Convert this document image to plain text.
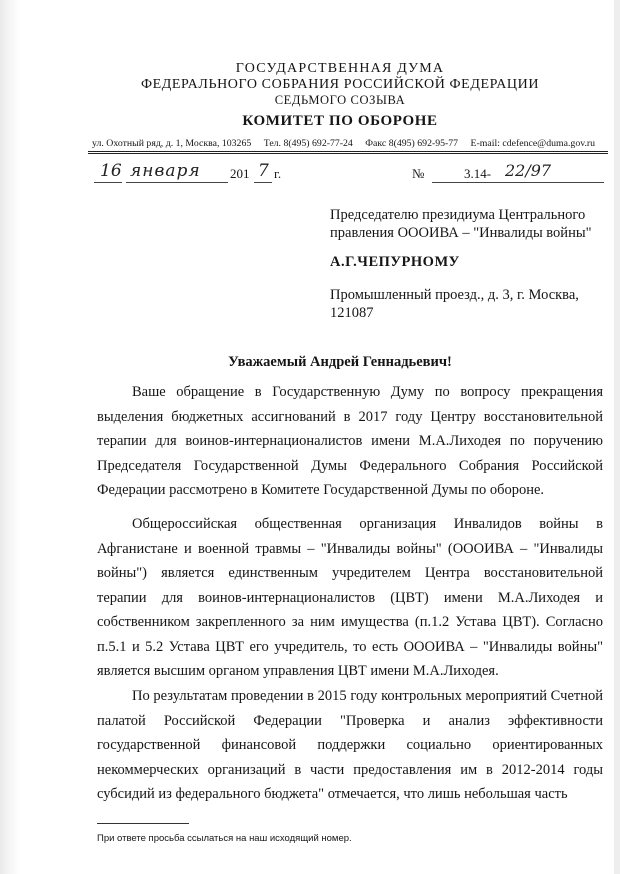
ГОСУДАРСТВЕННАЯ ДУМА
ФЕДЕРАЛЬНОГО СОБРАНИЯ РОССИЙСКОЙ ФЕДЕРАЦИИ
СЕДЬМОГО СОЗЫВА
КОМИТЕТ ПО ОБОРОНЕ
ул. Охотный ряд, д. 1, Москва, 103265 Тел. 8(495) 692-77-24 Факс 8(495) 692-95-77 E-mail: cdefence@duma.gov.ru
16 января 201 7 г.	№	3.14- 22/97
Председателю президиума Центрального правления ОООИВА – "Инвалиды войны"
А.Г.ЧЕПУРНОМУ
Промышленный проезд., д. 3, г. Москва, 121087
Уважаемый Андрей Геннадьевич!
Ваше обращение в Государственную Думу по вопросу прекращения выделения бюджетных ассигнований в 2017 году Центру восстановительной терапии для воинов-интернационалистов имени М.А.Лиходея по поручению Председателя Государственной Думы Федерального Собрания Российской Федерации рассмотрено в Комитете Государственной Думы по обороне.
Общероссийская общественная организация Инвалидов войны в Афганистане и военной травмы – "Инвалиды войны" (ОООИВА – "Инвалиды войны") является единственным учредителем Центра восстановительной терапии для воинов-интернационалистов (ЦВТ) имени М.А.Лиходея и собственником закрепленного за ним имущества (п.1.2 Устава ЦВТ). Согласно п.5.1 и 5.2 Устава ЦВТ его учредитель, то есть ОООИВА – "Инвалиды войны" является высшим органом управления ЦВТ имени М.А.Лиходея.
По результатам проведении в 2015 году контрольных мероприятий Счетной палатой Российской Федерации "Проверка и анализ эффективности государственной финансовой поддержки социально ориентированных некоммерческих организаций в части предоставления им в 2012-2014 годы субсидий из федерального бюджета" отмечается, что лишь небольшая часть
При ответе просьба ссылаться на наш исходящий номер.
